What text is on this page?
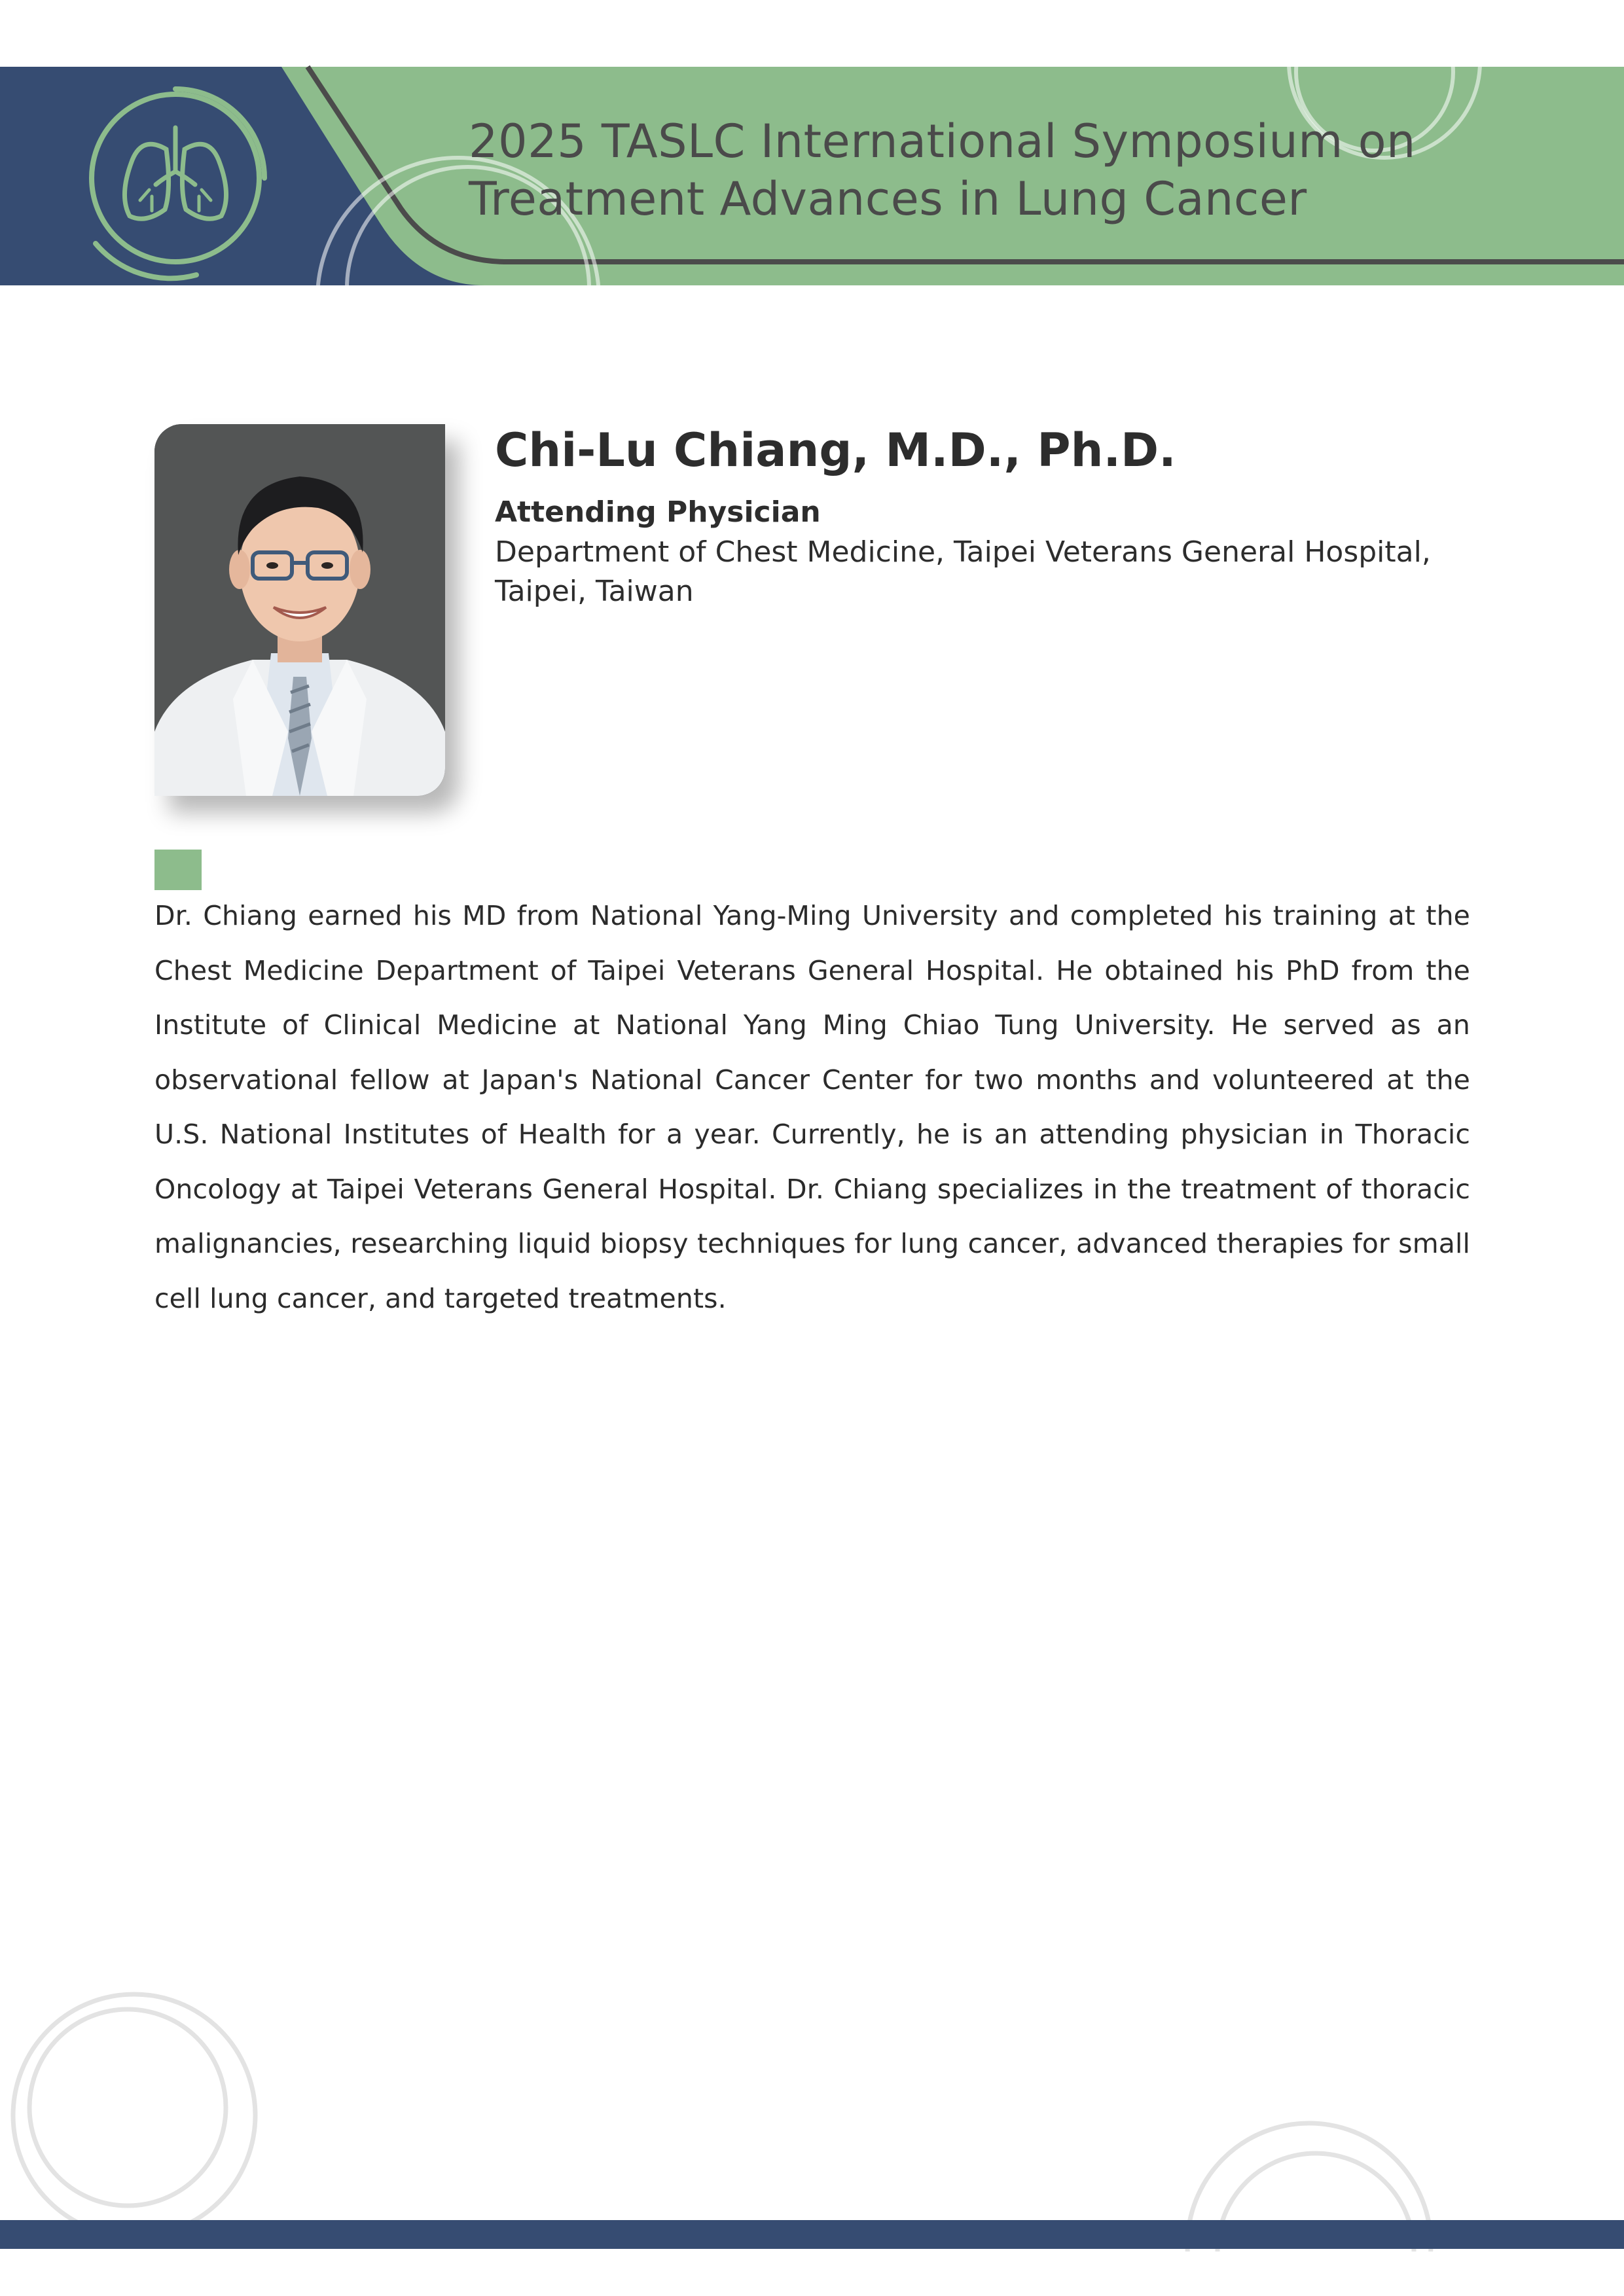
2025 TASLC International Symposium on
Treatment Advances in Lung Cancer
Chi-Lu Chiang, M.D., Ph.D.

Attending Physician

Department of Chest Medicine, Taipei Veterans General Hospital, Taipei, Taiwan

Dr. Chiang earned his MD from National Yang-Ming University and completed his training at the Chest Medicine Department of Taipei Veterans General Hospital. He obtained his PhD from the Institute of Clinical Medicine at National Yang Ming Chiao Tung University. He served as an observational fellow at Japan's National Cancer Center for two months and volunteered at the U.S. National Institutes of Health for a year. Currently, he is an attending physician in Thoracic Oncology at Taipei Veterans General Hospital. Dr. Chiang specializes in the treatment of thoracic malignancies, researching liquid biopsy techniques for lung cancer, advanced therapies for small cell lung cancer, and targeted treatments.
